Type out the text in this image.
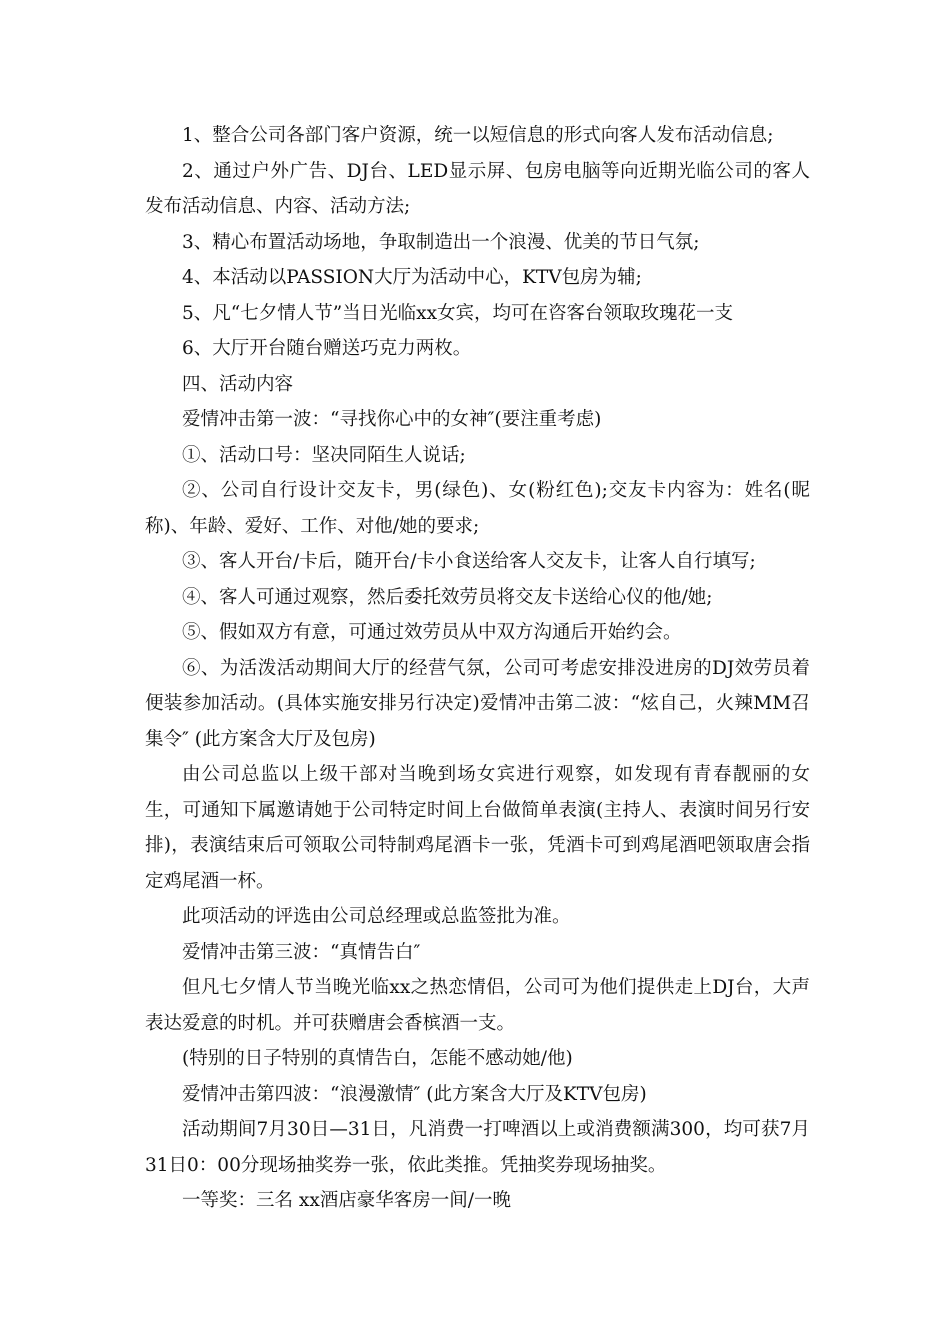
1、整合公司各部门客户资源，统一以短信息的形式向客人发布活动信息;

2、通过户外广告、DJ台、LED显示屏、包房电脑等向近期光临公司的客人发布活动信息、内容、活动方法;

3、精心布置活动场地，争取制造出一个浪漫、优美的节日气氛;

4、本活动以PASSION大厅为活动中心，KTV包房为辅;

5、凡“七夕情人节”当日光临xx女宾，均可在咨客台领取玫瑰花一支

6、大厅开台随台赠送巧克力两枚。

四、活动内容

爱情冲击第一波：“寻找你心中的女神″(要注重考虑)

①、活动口号：坚决同陌生人说话;

②、公司自行设计交友卡，男(绿色)、女(粉红色);交友卡内容为：姓名(昵称)、年龄、爱好、工作、对他/她的要求;

③、客人开台/卡后，随开台/卡小食送给客人交友卡，让客人自行填写;

④、客人可通过观察，然后委托效劳员将交友卡送给心仪的他/她;

⑤、假如双方有意，可通过效劳员从中双方沟通后开始约会。

⑥、为活泼活动期间大厅的经营气氛，公司可考虑安排没进房的DJ效劳员着便装参加活动。(具体实施安排另行决定)爱情冲击第二波：“炫自己，火辣MM召集令″ (此方案含大厅及包房)

由公司总监以上级干部对当晚到场女宾进行观察，如发现有青春靓丽的女生，可通知下属邀请她于公司特定时间上台做简单表演(主持人、表演时间另行安排)，表演结束后可领取公司特制鸡尾酒卡一张，凭酒卡可到鸡尾酒吧领取唐会指定鸡尾酒一杯。

此项活动的评选由公司总经理或总监签批为准。

爱情冲击第三波：“真情告白″

但凡七夕情人节当晚光临xx之热恋情侣，公司可为他们提供走上DJ台，大声表达爱意的时机。并可获赠唐会香槟酒一支。

(特别的日子特别的真情告白，怎能不感动她/他)

爱情冲击第四波：“浪漫激情″ (此方案含大厅及KTV包房)

活动期间7月30日—31日，凡消费一打啤酒以上或消费额满300，均可获7月31日0：00分现场抽奖券一张，依此类推。凭抽奖券现场抽奖。

一等奖：三名 xx酒店豪华客房一间/一晚
